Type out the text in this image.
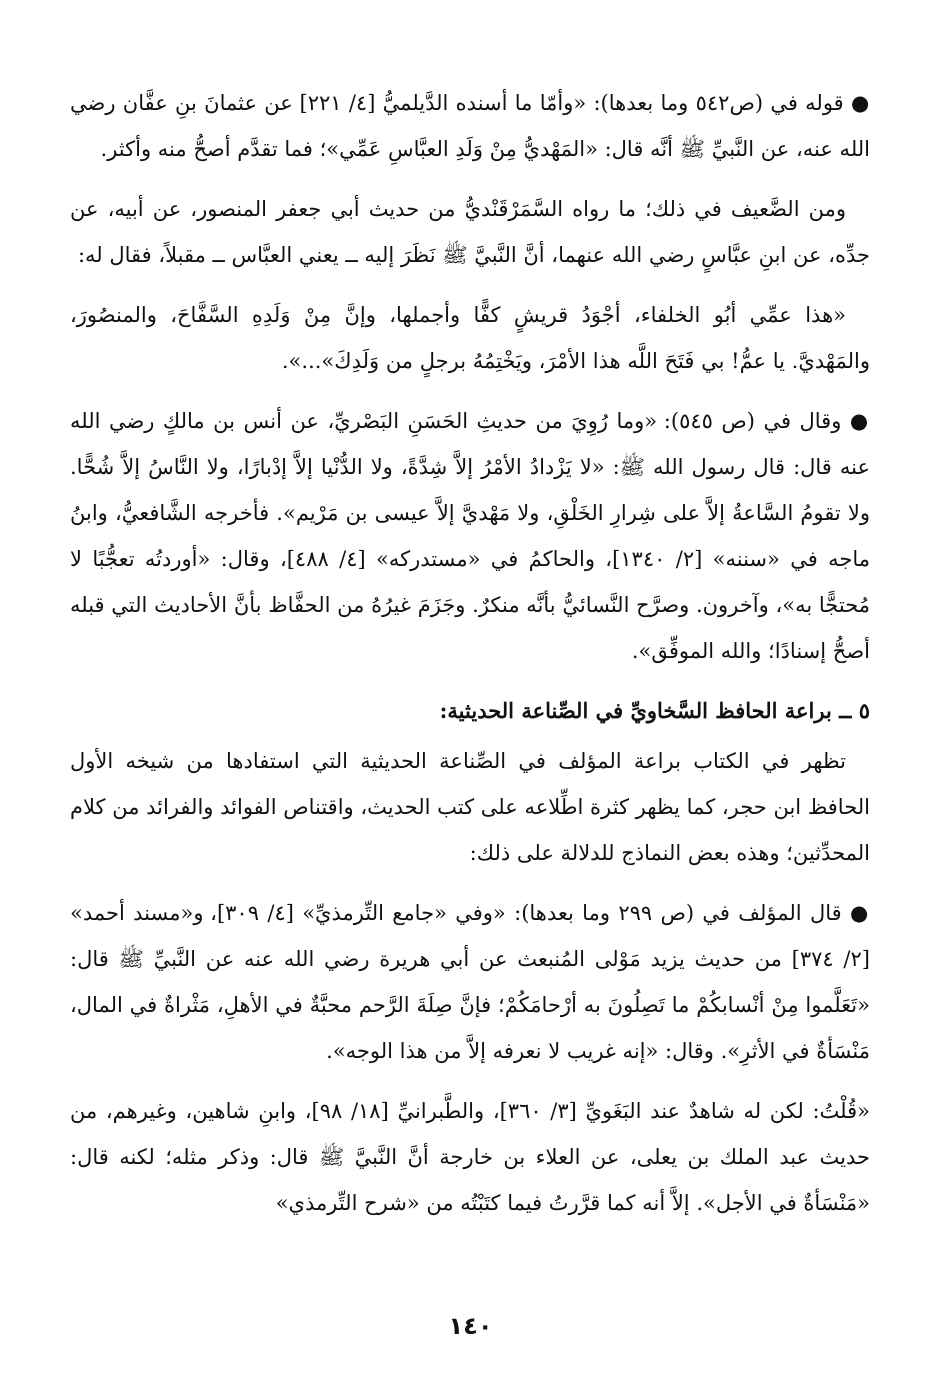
● قوله في (ص٥٤٢ وما بعدها): «وأمّا ما أسنده الدَّيلميُّ [٤/ ٢٢١] عن عثمانَ بنِ عفَّان رضي الله عنه، عن النَّبيِّ ﷺ أنَّه قال: «المَهْديُّ مِنْ وَلَدِ العبَّاسِ عَمِّي»؛ فما تقدَّم أصحُّ منه وأكثر.

ومن الضَّعيف في ذلك؛ ما رواه السَّمَرْقَنْديُّ من حديث أبي جعفر المنصور، عن أبيه، عن جدِّه، عن ابنِ عبَّاسٍ رضي الله عنهما، أنَّ النَّبيَّ ﷺ نَظَرَ إليه ــ يعني العبَّاس ــ مقبلاً، فقال له:

«هذا عمِّي أبُو الخلفاء، أجْوَدُ قريشٍ كفًّا وأجملها، وإنَّ مِنْ وَلَدِهِ السَّفَّاحَ، والمنصُورَ، والمَهْديَّ. يا عمُّ! بي فَتَحَ اللَّه هذا الأمْرَ، ويَخْتِمُهُ برجلٍ من وَلَدِكَ»...».

● وقال في (ص ٥٤٥): «وما رُوِيَ من حديثِ الحَسَنِ البَصْريِّ، عن أنس بن مالكٍ رضي الله عنه قال: قال رسول الله ﷺ: «لا يَزْدادُ الأمْرُ إلاَّ شِدَّةً، ولا الدُّنْيا إلاَّ إدْبارًا، ولا النَّاسُ إلاَّ شُحًّا. ولا تقومُ السَّاعةُ إلاَّ على شِرارِ الخَلْقِ، ولا مَهْديَّ إلاَّ عيسى بن مَرْيم». فأخرجه الشَّافعيُّ، وابنُ ماجه في «سننه» [٢/ ١٣٤٠]، والحاكمُ في «مستدركه» [٤/ ٤٨٨]، وقال: «أوردتُه تعجُّبًا لا مُحتجًّا به»، وآخرون. وصرَّح النَّسائيُّ بأنَّه منكرٌ. وجَزَمَ غيرُهُ من الحفَّاظ بأنَّ الأحاديث التي قبله أصحُّ إسنادًا؛ والله الموفِّق».

٥ ــ براعة الحافظ السَّخاويِّ في الصِّناعة الحديثية:

تظهر في الكتاب براعة المؤلف في الصِّناعة الحديثية التي استفادها من شيخه الأول الحافظ ابن حجر، كما يظهر كثرة اطِّلاعه على كتب الحديث، واقتناص الفوائد والفرائد من كلام المحدِّثين؛ وهذه بعض النماذج للدلالة على ذلك:

● قال المؤلف في (ص ٢٩٩ وما بعدها): «وفي «جامع التِّرمذيِّ» [٤/ ٣٠٩]، و«مسند أحمد» [٢/ ٣٧٤] من حديث يزيد مَوْلى المُنبعث عن أبي هريرة رضي الله عنه عن النَّبيِّ ﷺ قال: «تَعَلَّموا مِنْ أنْسابكُمْ ما تَصِلُونَ به أرْحامَكُمْ؛ فإنَّ صِلَةَ الرَّحم محبَّةٌ في الأهلِ، مَثْراةٌ في المال، مَنْسَأةٌ في الأثرِ». وقال: «إنه غريب لا نعرفه إلاَّ من هذا الوجه».

«قُلْتُ: لكن له شاهدٌ عند البَغَويِّ [٣/ ٣٦٠]، والطَّبرانيِّ [١٨/ ٩٨]، وابنِ شاهين، وغيرهم، من حديث عبد الملك بن يعلى، عن العلاء بن خارجة أنَّ النَّبيَّ ﷺ قال: وذكر مثله؛ لكنه قال: «مَنْسَأةٌ في الأجل». إلاَّ أنه كما قرَّرتُ فيما كتَبْتُه من «شرح التِّرمذي»

١٤٠
